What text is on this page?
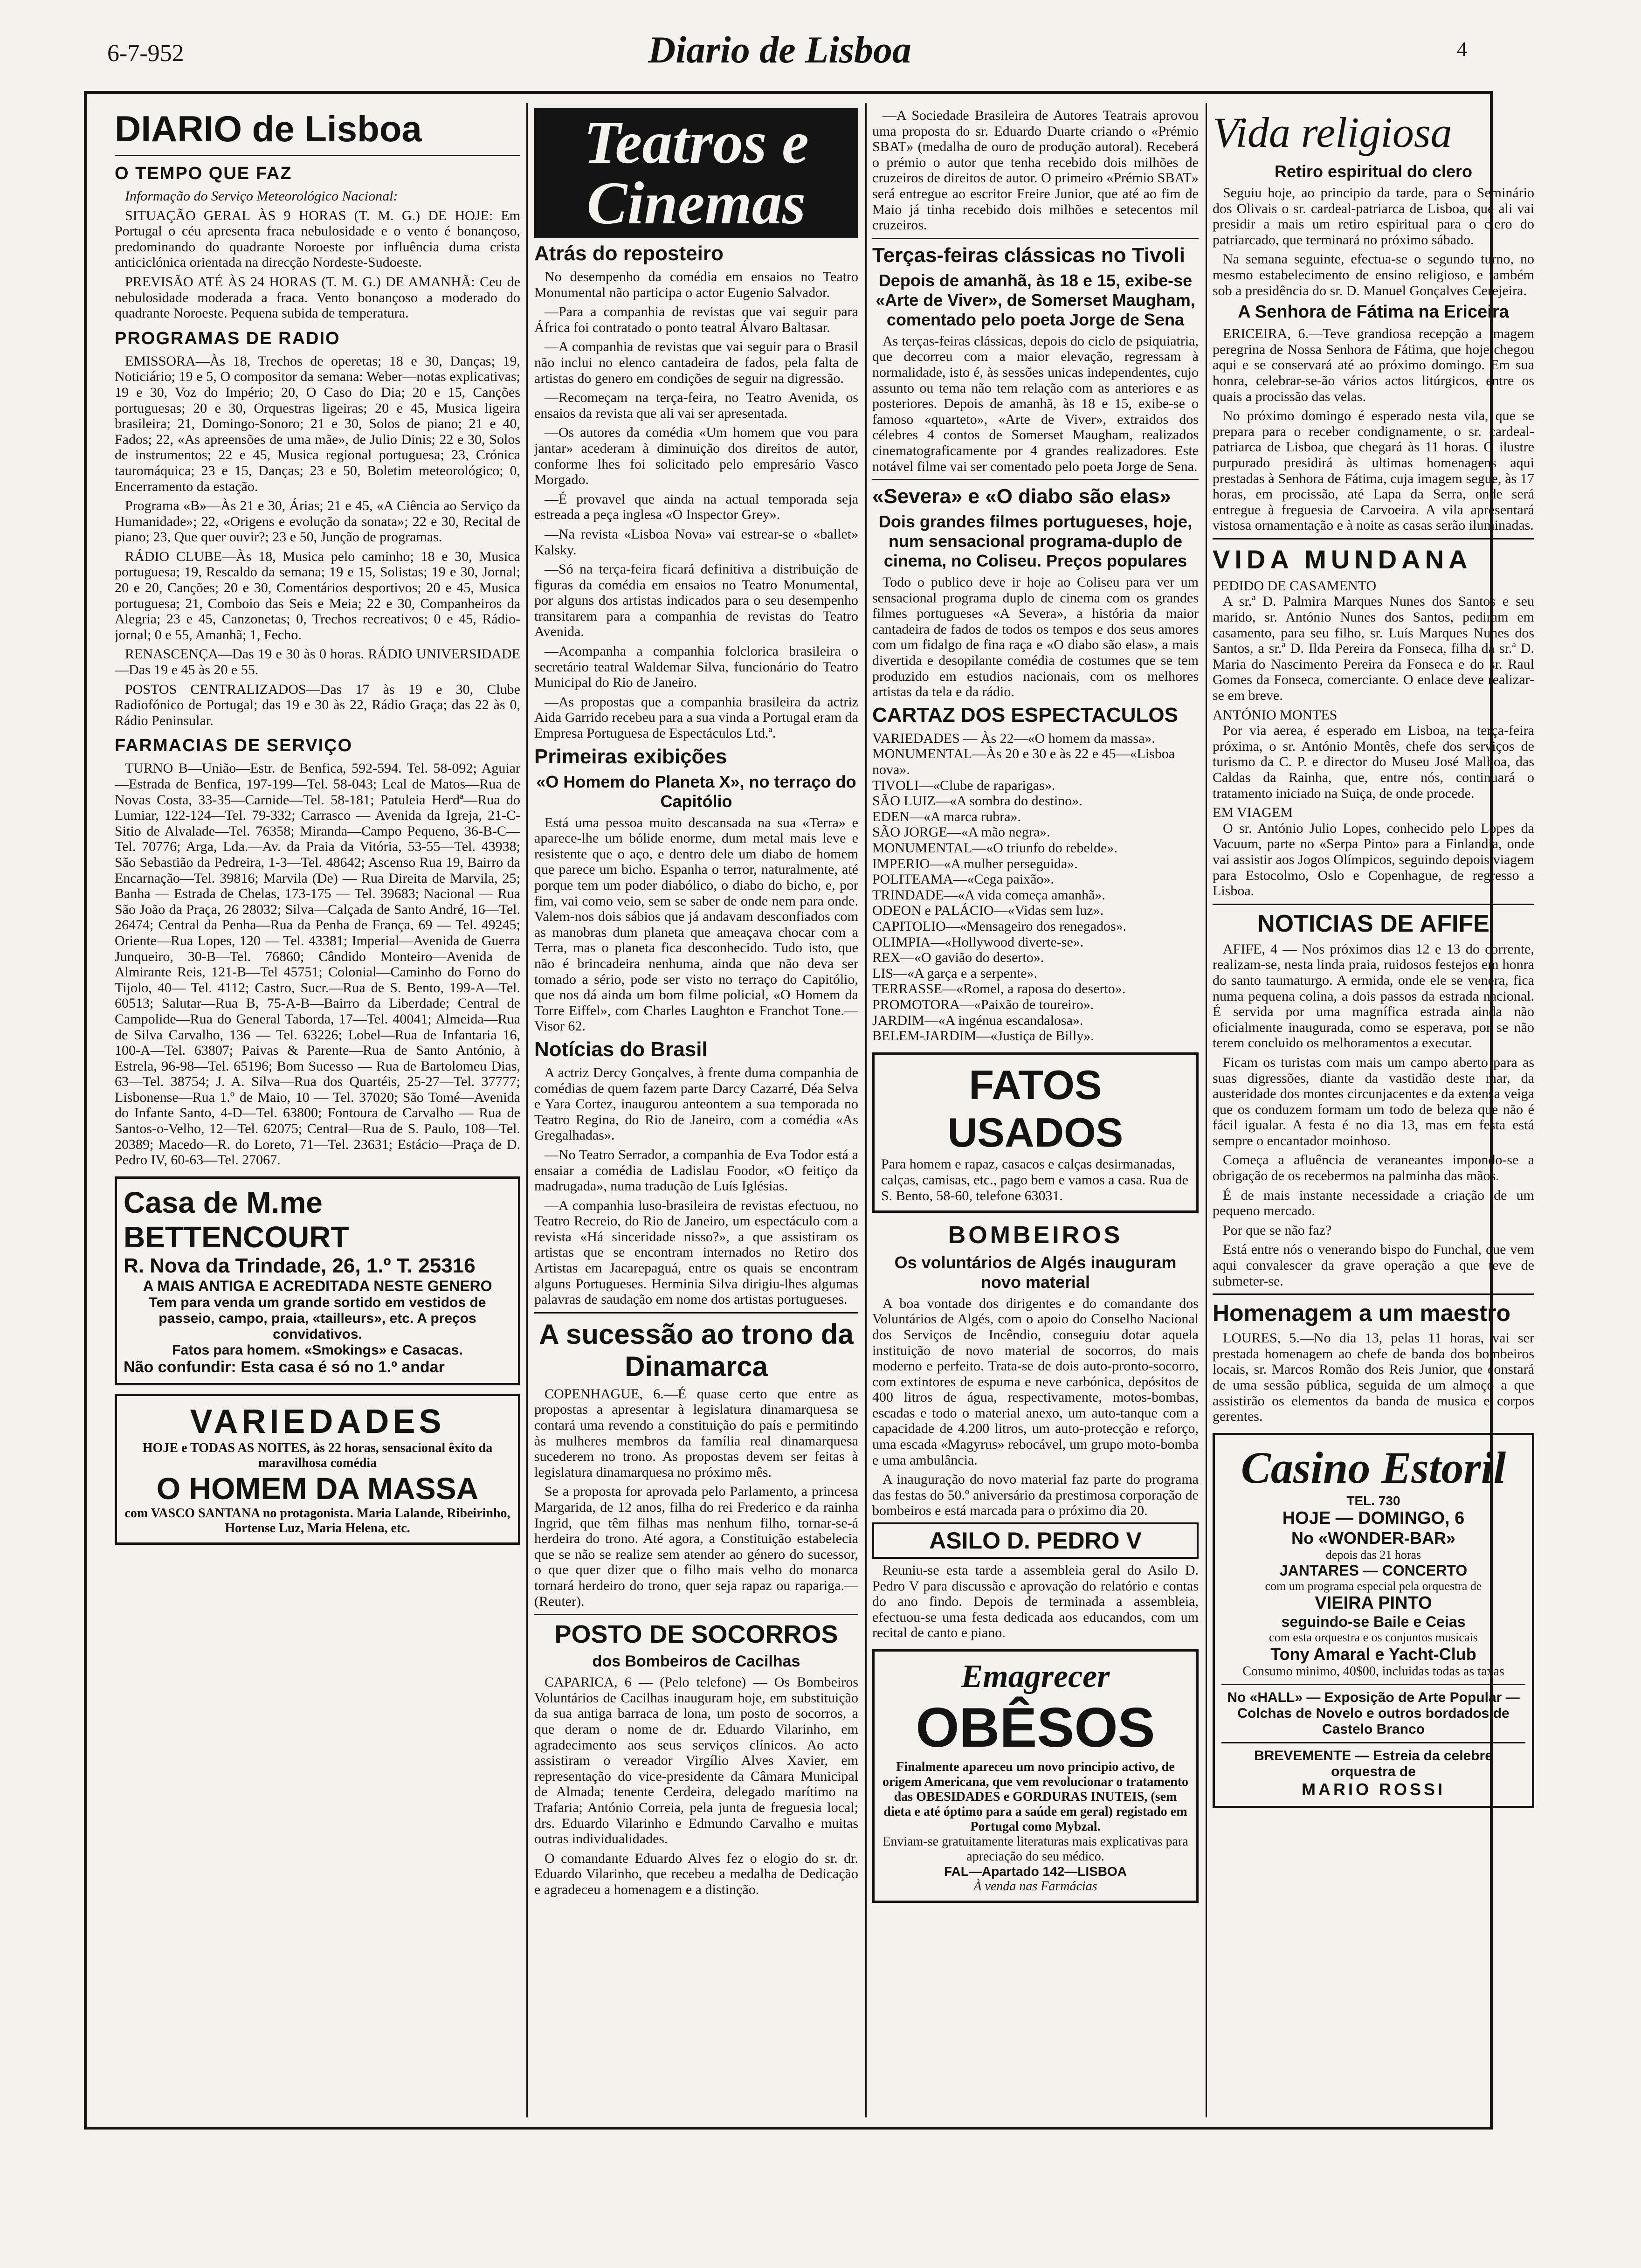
6-7-952	Diario de Lisboa	4
DIARIO de Lisboa
O TEMPO QUE FAZ

Informação do Serviço Meteorológico Nacional:

SITUAÇÃO GERAL ÀS 9 HORAS (T. M. G.) DE HOJE: Em Portugal o céu apresenta fraca nebulosidade e o vento é bonançoso, predominando do quadrante Noroeste por influência duma crista anticiclónica orientada na direcção Nordeste-Sudoeste.

PREVISÃO ATÉ ÀS 24 HORAS (T. M. G.) DE AMANHÃ: Ceu de nebulosidade moderada a fraca. Vento bonançoso a moderado do quadrante Noroeste. Pequena subida de temperatura.

PROGRAMAS DE RADIO

EMISSORA—Às 18, Trechos de operetas; 18 e 30, Danças; 19, Noticiário; 19 e 5, O compositor da semana: Weber—notas explicativas; 19 e 30, Voz do Império; 20, O Caso do Dia; 20 e 15, Canções portuguesas; 20 e 30, Orquestras ligeiras; 20 e 45, Musica ligeira brasileira; 21, Domingo-Sonoro; 21 e 30, Solos de piano; 21 e 40, Fados; 22, «As apreensões de uma mãe», de Julio Dinis; 22 e 30, Solos de instrumentos; 22 e 45, Musica regional portuguesa; 23, Crónica tauromáquica; 23 e 15, Danças; 23 e 50, Boletim meteorológico; 0, Encerramento da estação.

Programa «B»—Às 21 e 30, Árias; 21 e 45, «A Ciência ao Serviço da Humanidade»; 22, «Origens e evolução da sonata»; 22 e 30, Recital de piano; 23, Que quer ouvir?; 23 e 50, Junção de programas.

RÁDIO CLUBE—Às 18, Musica pelo caminho; 18 e 30, Musica portuguesa; 19, Rescaldo da semana; 19 e 15, Solistas; 19 e 30, Jornal; 20 e 20, Canções; 20 e 30, Comentários desportivos; 20 e 45, Musica portuguesa; 21, Comboio das Seis e Meia; 22 e 30, Companheiros da Alegria; 23 e 45, Canzonetas; 0, Trechos recreativos; 0 e 45, Rádio-jornal; 0 e 55, Amanhã; 1, Fecho.

RENASCENÇA—Das 19 e 30 às 0 horas. RÁDIO UNIVERSIDADE—Das 19 e 45 às 20 e 55.

POSTOS CENTRALIZADOS—Das 17 às 19 e 30, Clube Radiofónico de Portugal; das 19 e 30 às 22, Rádio Graça; das 22 às 0, Rádio Peninsular.

FARMACIAS DE SERVIÇO

TURNO B—União—Estr. de Benfica, 592-594. Tel. 58-092; Aguiar—Estrada de Benfica, 197-199—Tel. 58-043; Leal de Matos—Rua de Novas Costa, 33-35—Carnide—Tel. 58-181; Patuleia Herdª—Rua do Lumiar, 122-124—Tel. 79-332; Carrasco — Avenida da Igreja, 21-C-Sitio de Alvalade—Tel. 76358; Miranda—Campo Pequeno, 36-B-C—Tel. 70776; Arga, Lda.—Av. da Praia da Vitória, 53-55—Tel. 43938; São Sebastião da Pedreira, 1-3—Tel. 48642; Ascenso Rua 19, Bairro da Encarnação—Tel. 39816; Marvila (De) — Rua Direita de Marvila, 25; Banha — Estrada de Chelas, 173-175 — Tel. 39683; Nacional — Rua São João da Praça, 26 28032; Silva—Calçada de Santo André, 16—Tel. 26474; Central da Penha—Rua da Penha de França, 69 — Tel. 49245; Oriente—Rua Lopes, 120 — Tel. 43381; Imperial—Avenida de Guerra Junqueiro, 30-B—Tel. 76860; Cândido Monteiro—Avenida de Almirante Reis, 121-B—Tel 45751; Colonial—Caminho do Forno do Tijolo, 40— Tel. 4112; Castro, Sucr.—Rua de S. Bento, 199-A—Tel. 60513; Salutar—Rua B, 75-A-B—Bairro da Liberdade; Central de Campolide—Rua do General Taborda, 17—Tel. 40041; Almeida—Rua de Silva Carvalho, 136 — Tel. 63226; Lobel—Rua de Infantaria 16, 100-A—Tel. 63807; Paivas & Parente—Rua de Santo António, à Estrela, 96-98—Tel. 65196; Bom Sucesso — Rua de Bartolomeu Dias, 63—Tel. 38754; J. A. Silva—Rua dos Quartéis, 25-27—Tel. 37777; Lisbonense—Rua 1.º de Maio, 10 — Tel. 37020; São Tomé—Avenida do Infante Santo, 4-D—Tel. 63800; Fontoura de Carvalho — Rua de Santos-o-Velho, 12—Tel. 62075; Central—Rua de S. Paulo, 108—Tel. 20389; Macedo—R. do Loreto, 71—Tel. 23631; Estácio—Praça de D. Pedro IV, 60-63—Tel. 27067.

Casa de M.me BETTENCOURT
R. Nova da Trindade, 26, 1.º T. 25316
A MAIS ANTIGA E ACREDITADA NESTE GENERO
Tem para venda um grande sortido em vestidos de passeio, campo, praia, «tailleurs», etc. A preços convidativos.
Fatos para homem. «Smokings» e Casacas.
Não confundir: Esta casa é só no 1.º andar
VARIEDADES
HOJE e TODAS AS NOITES, às 22 horas, sensacional êxito da maravilhosa comédia
O HOMEM DA MASSA
com VASCO SANTANA no protagonista. Maria Lalande, Ribeirinho, Hortense Luz, Maria Helena, etc.
Teatros e Cinemas
Atrás do reposteiro

No desempenho da comédia em ensaios no Teatro Monumental não participa o actor Eugenio Salvador.

—Para a companhia de revistas que vai seguir para África foi contratado o ponto teatral Álvaro Baltasar.

—A companhia de revistas que vai seguir para o Brasil não inclui no elenco cantadeira de fados, pela falta de artistas do genero em condições de seguir na digressão.

—Recomeçam na terça-feira, no Teatro Avenida, os ensaios da revista que ali vai ser apresentada.

—Os autores da comédia «Um homem que vou para jantar» acederam à diminuição dos direitos de autor, conforme lhes foi solicitado pelo empresário Vasco Morgado.

—É provavel que ainda na actual temporada seja estreada a peça inglesa «O Inspector Grey».

—Na revista «Lisboa Nova» vai estrear-se o «ballet» Kalsky.

—Só na terça-feira ficará definitiva a distribuição de figuras da comédia em ensaios no Teatro Monumental, por alguns dos artistas indicados para o seu desempenho transitarem para a companhia de revistas do Teatro Avenida.

—Acompanha a companhia folclorica brasileira o secretário teatral Waldemar Silva, funcionário do Teatro Municipal do Rio de Janeiro.

—As propostas que a companhia brasileira da actriz Aida Garrido recebeu para a sua vinda a Portugal eram da Empresa Portuguesa de Espectáculos Ltd.ª.

Primeiras exibições
«O Homem do Planeta X», no terraço do Capitólio

Está uma pessoa muito descansada na sua «Terra» e aparece-lhe um bólide enorme, dum metal mais leve e resistente que o aço, e dentro dele um diabo de homem que parece um bicho. Espanha o terror, naturalmente, até porque tem um poder diabólico, o diabo do bicho, e, por fim, vai como veio, sem se saber de onde nem para onde. Valem-nos dois sábios que já andavam desconfiados com as manobras dum planeta que ameaçava chocar com a Terra, mas o planeta fica desconhecido. Tudo isto, que não é brincadeira nenhuma, ainda que não deva ser tomado a sério, pode ser visto no terraço do Capitólio, que nos dá ainda um bom filme policial, «O Homem da Torre Eiffel», com Charles Laughton e Franchot Tone.— Visor 62.

Notícias do Brasil

A actriz Dercy Gonçalves, à frente duma companhia de comédias de quem fazem parte Darcy Cazarré, Déa Selva e Yara Cortez, inaugurou anteontem a sua temporada no Teatro Regina, do Rio de Janeiro, com a comédia «As Gregalhadas».

—No Teatro Serrador, a companhia de Eva Todor está a ensaiar a comédia de Ladislau Foodor, «O feitiço da madrugada», numa tradução de Luís Iglésias.

—A companhia luso-brasileira de revistas efectuou, no Teatro Recreio, do Rio de Janeiro, um espectáculo com a revista «Há sinceridade nisso?», a que assistiram os artistas que se encontram internados no Retiro dos Artistas em Jacarepaguá, entre os quais se encontram alguns Portugueses. Herminia Silva dirigiu-lhes algumas palavras de saudação em nome dos artistas portugueses.

A sucessão ao trono da Dinamarca

COPENHAGUE, 6.—É quase certo que entre as propostas a apresentar à legislatura dinamarquesa se contará uma revendo a constituição do país e permitindo às mulheres membros da família real dinamarquesa sucederem no trono. As propostas devem ser feitas à legislatura dinamarquesa no próximo mês.

Se a proposta for aprovada pelo Parlamento, a princesa Margarida, de 12 anos, filha do rei Frederico e da rainha Ingrid, que têm filhas mas nenhum filho, tornar-se-á herdeira do trono. Até agora, a Constituição estabelecia que se não se realize sem atender ao género do sucessor, o que quer dizer que o filho mais velho do monarca tornará herdeiro do trono, quer seja rapaz ou rapariga.—(Reuter).

POSTO DE SOCORROS
dos Bombeiros de Cacilhas

CAPARICA, 6 — (Pelo telefone) — Os Bombeiros Voluntários de Cacilhas inauguram hoje, em substituição da sua antiga barraca de lona, um posto de socorros, a que deram o nome de dr. Eduardo Vilarinho, em agradecimento aos seus serviços clínicos. Ao acto assistiram o vereador Virgílio Alves Xavier, em representação do vice-presidente da Câmara Municipal de Almada; tenente Cerdeira, delegado marítimo na Trafaria; António Correia, pela junta de freguesia local; drs. Eduardo Vilarinho e Edmundo Carvalho e muitas outras individualidades.

O comandante Eduardo Alves fez o elogio do sr. dr. Eduardo Vilarinho, que recebeu a medalha de Dedicação e agradeceu a homenagem e a distinção.

—A Sociedade Brasileira de Autores Teatrais aprovou uma proposta do sr. Eduardo Duarte criando o «Prémio SBAT» (medalha de ouro de produção autoral). Receberá o prémio o autor que tenha recebido dois milhões de cruzeiros de direitos de autor. O primeiro «Prémio SBAT» será entregue ao escritor Freire Junior, que até ao fim de Maio já tinha recebido dois milhões e setecentos mil cruzeiros.

Terças-feiras clássicas no Tivoli
Depois de amanhã, às 18 e 15, exibe-se «Arte de Viver», de Somerset Maugham, comentado pelo poeta Jorge de Sena

As terças-feiras clássicas, depois do ciclo de psiquiatria, que decorreu com a maior elevação, regressam à normalidade, isto é, às sessões unicas independentes, cujo assunto ou tema não tem relação com as anteriores e as posteriores. Depois de amanhã, às 18 e 15, exibe-se o famoso «quarteto», «Arte de Viver», extraidos dos célebres 4 contos de Somerset Maugham, realizados cinematograficamente por 4 grandes realizadores. Este notável filme vai ser comentado pelo poeta Jorge de Sena.

«Severa» e «O diabo são elas»
Dois grandes filmes portugueses, hoje, num sensacional programa-duplo de cinema, no Coliseu. Preços populares

Todo o publico deve ir hoje ao Coliseu para ver um sensacional programa duplo de cinema com os grandes filmes portugueses «A Severa», a história da maior cantadeira de fados de todos os tempos e dos seus amores com um fidalgo de fina raça e «O diabo são elas», a mais divertida e desopilante comédia de costumes que se tem produzido em estudios nacionais, com os melhores artistas da tela e da rádio.

CARTAZ DOS ESPECTACULOS
VARIEDADES — Às 22—«O homem da massa».
MONUMENTAL—Às 20 e 30 e às 22 e 45—«Lisboa nova».
TIVOLI—«Clube de raparigas».
SÃO LUIZ—«A sombra do destino».
EDEN—«A marca rubra».
SÃO JORGE—«A mão negra».
MONUMENTAL—«O triunfo do rebelde».
IMPERIO—«A mulher perseguida».
POLITEAMA—«Cega paixão».
TRINDADE—«A vida começa amanhã».
ODEON e PALÁCIO—«Vidas sem luz».
CAPITOLIO—«Mensageiro dos renegados».
OLIMPIA—«Hollywood diverte-se».
REX—«O gavião do deserto».
LIS—«A garça e a serpente».
TERRASSE—«Romel, a raposa do deserto».
PROMOTORA—«Paixão de toureiro».
JARDIM—«A ingénua escandalosa».
BELEM-JARDIM—«Justiça de Billy».
FATOS USADOS
Para homem e rapaz, casacos e calças desirmanadas, calças, camisas, etc., pago bem e vamos a casa. Rua de S. Bento, 58-60, telefone 63031.
BOMBEIROS
Os voluntários de Algés inauguram novo material

A boa vontade dos dirigentes e do comandante dos Voluntários de Algés, com o apoio do Conselho Nacional dos Serviços de Incêndio, conseguiu dotar aquela instituição de novo material de socorros, do mais moderno e perfeito. Trata-se de dois auto-pronto-socorro, com extintores de espuma e neve carbónica, depósitos de 400 litros de água, respectivamente, motos-bombas, escadas e todo o material anexo, um auto-tanque com a capacidade de 4.200 litros, um auto-protecção e reforço, uma escada «Magyrus» rebocável, um grupo moto-bomba e uma ambulância.

A inauguração do novo material faz parte do programa das festas do 50.º aniversário da prestimosa corporação de bombeiros e está marcada para o próximo dia 20.

ASILO D. PEDRO V

Reuniu-se esta tarde a assembleia geral do Asilo D. Pedro V para discussão e aprovação do relatório e contas do ano findo. Depois de terminada a assembleia, efectuou-se uma festa dedicada aos educandos, com um recital de canto e piano.

Emagrecer
OBÊSOS
Finalmente apareceu um novo principio activo, de origem Americana, que vem revolucionar o tratamento das OBESIDADES e GORDURAS INUTEIS, (sem dieta e até óptimo para a saúde em geral) registado em Portugal como Mybzal.
Enviam-se gratuitamente literaturas mais explicativas para apreciação do seu médico.
FAL—Apartado 142—LISBOA
À venda nas Farmácias
Vida religiosa
Retiro espiritual do clero

Seguiu hoje, ao principio da tarde, para o Seminário dos Olivais o sr. cardeal-patriarca de Lisboa, que ali vai presidir a mais um retiro espiritual para o clero do patriarcado, que terminará no próximo sábado.

Na semana seguinte, efectua-se o segundo turno, no mesmo estabelecimento de ensino religioso, e também sob a presidência do sr. D. Manuel Gonçalves Cerejeira.

A Senhora de Fátima na Ericeira

ERICEIRA, 6.—Teve grandiosa recepção a imagem peregrina de Nossa Senhora de Fátima, que hoje chegou aqui e se conservará até ao próximo domingo. Em sua honra, celebrar-se-ão vários actos litúrgicos, entre os quais a procissão das velas.

No próximo domingo é esperado nesta vila, que se prepara para o receber condignamente, o sr. cardeal-patriarca de Lisboa, que chegará às 11 horas. O ilustre purpurado presidirá às ultimas homenagens aqui prestadas à Senhora de Fátima, cuja imagem segue, às 17 horas, em procissão, até Lapa da Serra, onde será entregue à freguesia de Carvoeira. A vila apresentará vistosa ornamentação e à noite as casas serão iluminadas.

VIDA MUNDANA
PEDIDO DE CASAMENTO

A sr.ª D. Palmira Marques Nunes dos Santos e seu marido, sr. António Nunes dos Santos, pediram em casamento, para seu filho, sr. Luís Marques Nunes dos Santos, a sr.ª D. Ilda Pereira da Fonseca, filha da sr.ª D. Maria do Nascimento Pereira da Fonseca e do sr. Raul Gomes da Fonseca, comerciante. O enlace deve realizar-se em breve.

ANTÓNIO MONTES

Por via aerea, é esperado em Lisboa, na terça-feira próxima, o sr. António Montês, chefe dos serviços de turismo da C. P. e director do Museu José Malhoa, das Caldas da Rainha, que, entre nós, continuará o tratamento iniciado na Suiça, de onde procede.

EM VIAGEM

O sr. António Julio Lopes, conhecido pelo Lopes da Vacuum, parte no «Serpa Pinto» para a Finlandia, onde vai assistir aos Jogos Olímpicos, seguindo depois viagem para Estocolmo, Oslo e Copenhague, de regresso a Lisboa.

NOTICIAS DE AFIFE

AFIFE, 4 — Nos próximos dias 12 e 13 do corrente, realizam-se, nesta linda praia, ruidosos festejos em honra do santo taumaturgo. A ermida, onde ele se venera, fica numa pequena colina, a dois passos da estrada nacional. É servida por uma magnífica estrada ainda não oficialmente inaugurada, como se esperava, por se não terem concluido os melhoramentos a executar.

Ficam os turistas com mais um campo aberto para as suas digressões, diante da vastidão deste mar, da austeridade dos montes circunjacentes e da extensa veiga que os conduzem formam um todo de beleza que não é fácil igualar. A festa é no dia 13, mas em festa está sempre o encantador moinhoso.

Começa a afluência de veraneantes impondo-se a obrigação de os recebermos na palminha das mãos.

É de mais instante necessidade a criação de um pequeno mercado.

Por que se não faz?

Está entre nós o venerando bispo do Funchal, que vem aqui convalescer da grave operação a que teve de submeter-se.

Homenagem a um maestro

LOURES, 5.—No dia 13, pelas 11 horas, vai ser prestada homenagem ao chefe de banda dos bombeiros locais, sr. Marcos Romão dos Reis Junior, que constará de uma sessão pública, seguida de um almoço a que assistirão os elementos da banda de musica e corpos gerentes.

Casino Estoril
TEL. 730
HOJE — DOMINGO, 6
No «WONDER-BAR»
depois das 21 horas
JANTARES — CONCERTO
com um programa especial pela orquestra de
VIEIRA PINTO
seguindo-se Baile e Ceias
com esta orquestra e os conjuntos musicais
Tony Amaral e Yacht-Club
Consumo minimo, 40$00, incluidas todas as taxas
No «HALL» — Exposição de Arte Popular — Colchas de Novelo e outros bordados de Castelo Branco
BREVEMENTE — Estreia da celebre orquestra de
MARIO ROSSI
